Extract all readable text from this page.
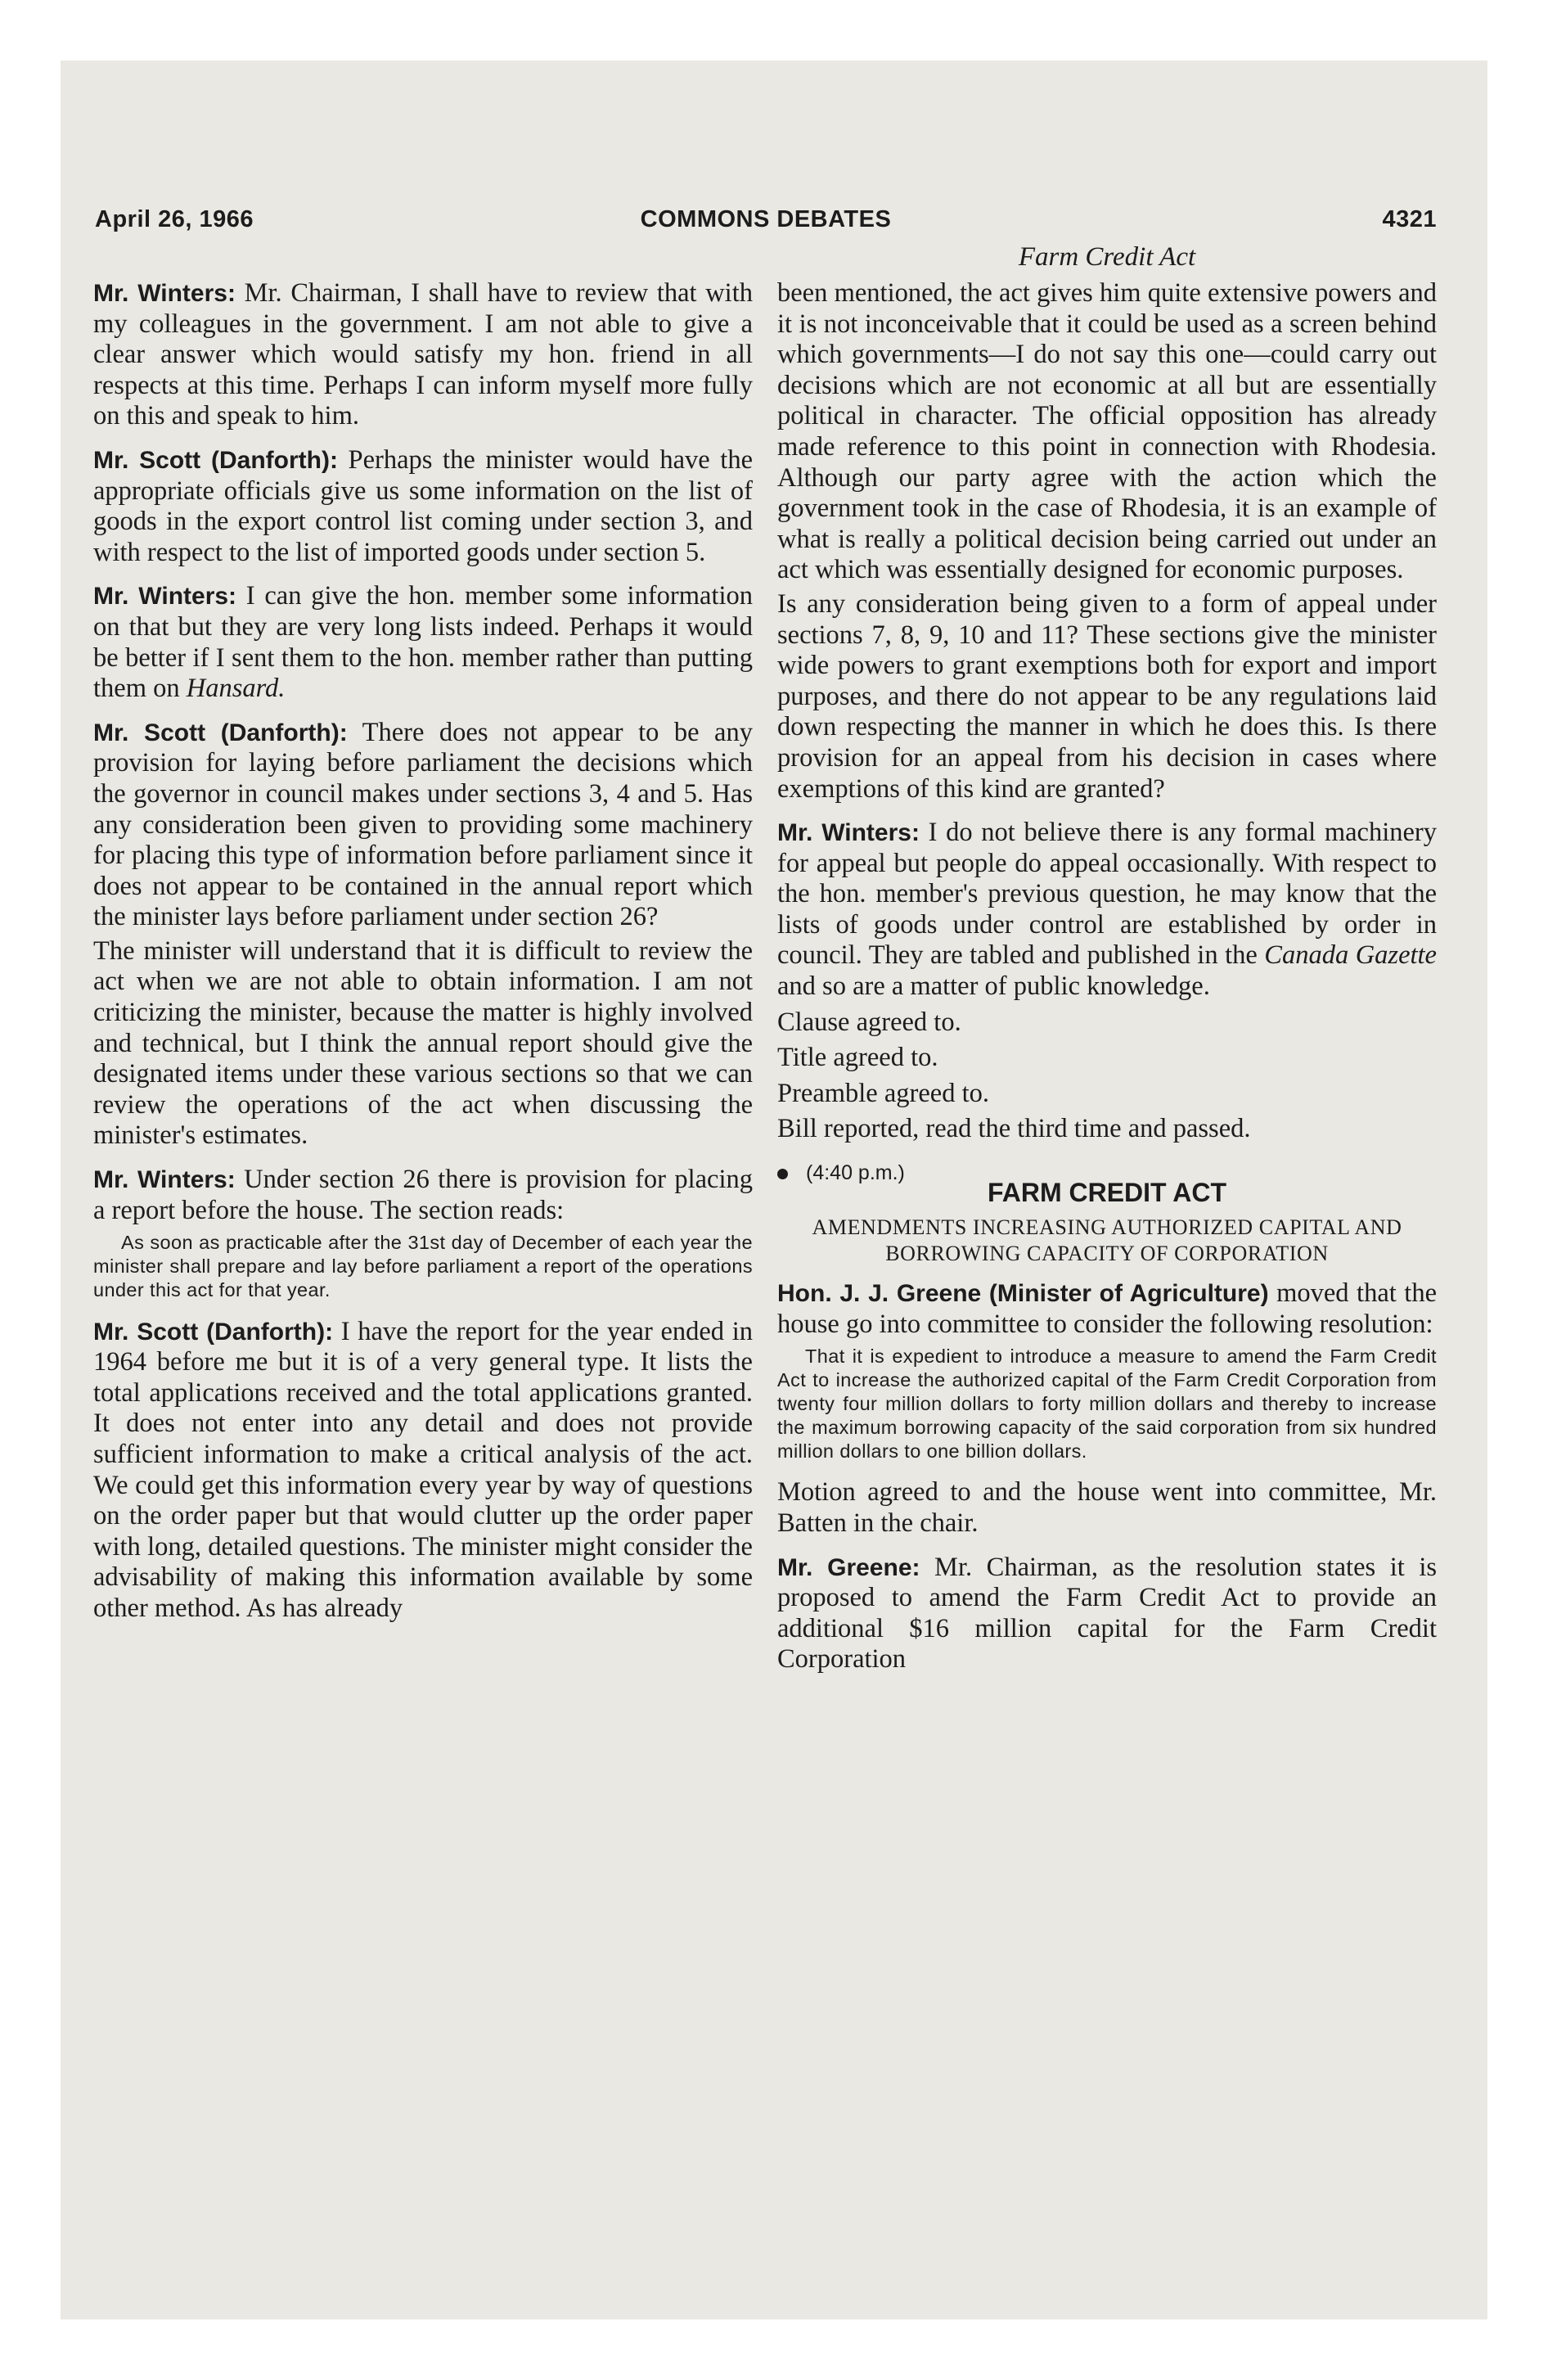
April 26, 1966	COMMONS DEBATES	4321
Farm Credit Act

Mr. Winters: Mr. Chairman, I shall have to review that with my colleagues in the government. I am not able to give a clear answer which would satisfy my hon. friend in all respects at this time. Perhaps I can inform myself more fully on this and speak to him.

Mr. Scott (Danforth): Perhaps the minister would have the appropriate officials give us some information on the list of goods in the export control list coming under section 3, and with respect to the list of imported goods under section 5.

Mr. Winters: I can give the hon. member some information on that but they are very long lists indeed. Perhaps it would be better if I sent them to the hon. member rather than putting them on Hansard.

Mr. Scott (Danforth): There does not appear to be any provision for laying before parliament the decisions which the governor in council makes under sections 3, 4 and 5. Has any consideration been given to providing some machinery for placing this type of information before parliament since it does not appear to be contained in the annual report which the minister lays before parliament under section 26?

The minister will understand that it is difficult to review the act when we are not able to obtain information. I am not criticizing the minister, because the matter is highly involved and technical, but I think the annual report should give the designated items under these various sections so that we can review the operations of the act when discussing the minister's estimates.

Mr. Winters: Under section 26 there is provision for placing a report before the house. The section reads:

As soon as practicable after the 31st day of December of each year the minister shall prepare and lay before parliament a report of the operations under this act for that year.

Mr. Scott (Danforth): I have the report for the year ended in 1964 before me but it is of a very general type. It lists the total applications received and the total applications granted. It does not enter into any detail and does not provide sufficient information to make a critical analysis of the act. We could get this information every year by way of questions on the order paper but that would clutter up the order paper with long, detailed questions. The minister might consider the advisability of making this information available by some other method. As has already

been mentioned, the act gives him quite extensive powers and it is not inconceivable that it could be used as a screen behind which governments—I do not say this one—could carry out decisions which are not economic at all but are essentially political in character. The official opposition has already made reference to this point in connection with Rhodesia. Although our party agree with the action which the government took in the case of Rhodesia, it is an example of what is really a political decision being carried out under an act which was essentially designed for economic purposes.

Is any consideration being given to a form of appeal under sections 7, 8, 9, 10 and 11? These sections give the minister wide powers to grant exemptions both for export and import purposes, and there do not appear to be any regulations laid down respecting the manner in which he does this. Is there provision for an appeal from his decision in cases where exemptions of this kind are granted?

Mr. Winters: I do not believe there is any formal machinery for appeal but people do appeal occasionally. With respect to the hon. member's previous question, he may know that the lists of goods under control are established by order in council. They are tabled and published in the Canada Gazette and so are a matter of public knowledge.

Clause agreed to.

Title agreed to.

Preamble agreed to.

Bill reported, read the third time and passed.

(4:40 p.m.)
FARM CREDIT ACT
AMENDMENTS INCREASING AUTHORIZED CAPITAL AND BORROWING CAPACITY OF CORPORATION

Hon. J. J. Greene (Minister of Agriculture) moved that the house go into committee to consider the following resolution:

That it is expedient to introduce a measure to amend the Farm Credit Act to increase the authorized capital of the Farm Credit Corporation from twenty four million dollars to forty million dollars and thereby to increase the maximum borrowing capacity of the said corporation from six hundred million dollars to one billion dollars.

Motion agreed to and the house went into committee, Mr. Batten in the chair.

Mr. Greene: Mr. Chairman, as the resolution states it is proposed to amend the Farm Credit Act to provide an additional $16 million capital for the Farm Credit Corporation
